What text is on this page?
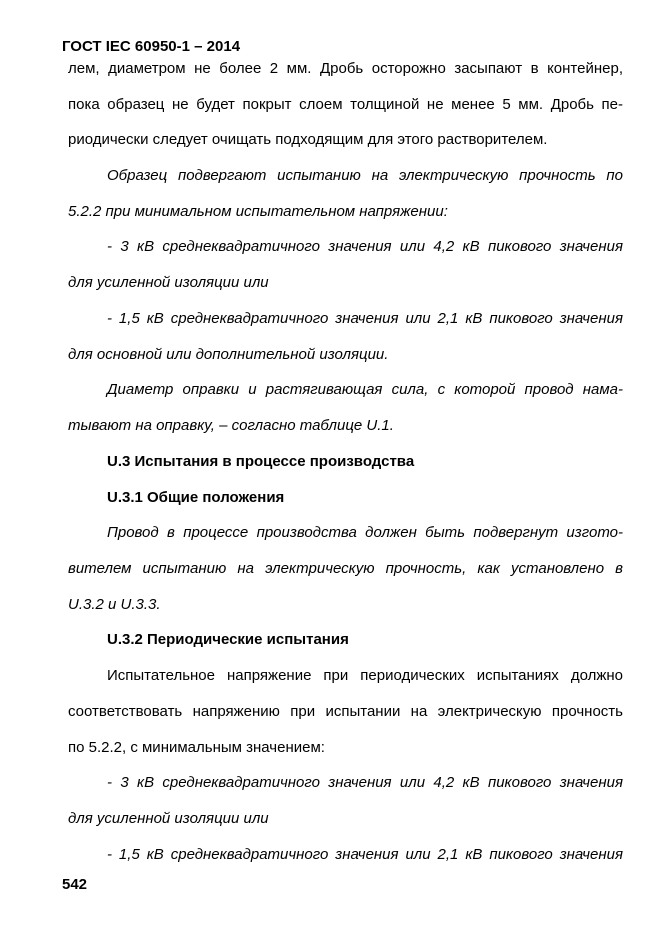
ГОСТ IEC 60950-1 – 2014
лем, диаметром не более 2 мм. Дробь осторожно засыпают в контейнер,
пока образец не будет покрыт слоем толщиной не менее 5 мм. Дробь пе-
риодически следует очищать подходящим для этого растворителем.
Образец подвергают испытанию на электрическую прочность по
5.2.2 при минимальном испытательном напряжении:
- 3 кВ среднеквадратичного значения или 4,2 кВ пикового значения
для усиленной изоляции или
- 1,5 кВ среднеквадратичного значения или 2,1 кВ пикового значения
для основной или дополнительной изоляции.
Диаметр оправки и растягивающая сила, с которой провод нама-
тывают на оправку, – согласно таблице U.1.
U.3 Испытания в процессе производства
U.3.1 Общие положения
Провод в процессе производства должен быть подвергнут изгото-
вителем испытанию на электрическую прочность, как установлено в
U.3.2 и U.3.3.
U.3.2 Периодические испытания
Испытательное напряжение при периодических испытаниях должно
соответствовать напряжению при испытании на электрическую прочность
по 5.2.2, с минимальным значением:
- 3 кВ среднеквадратичного значения или 4,2 кВ пикового значения
для усиленной изоляции или
- 1,5 кВ среднеквадратичного значения или 2,1 кВ пикового значения
542
